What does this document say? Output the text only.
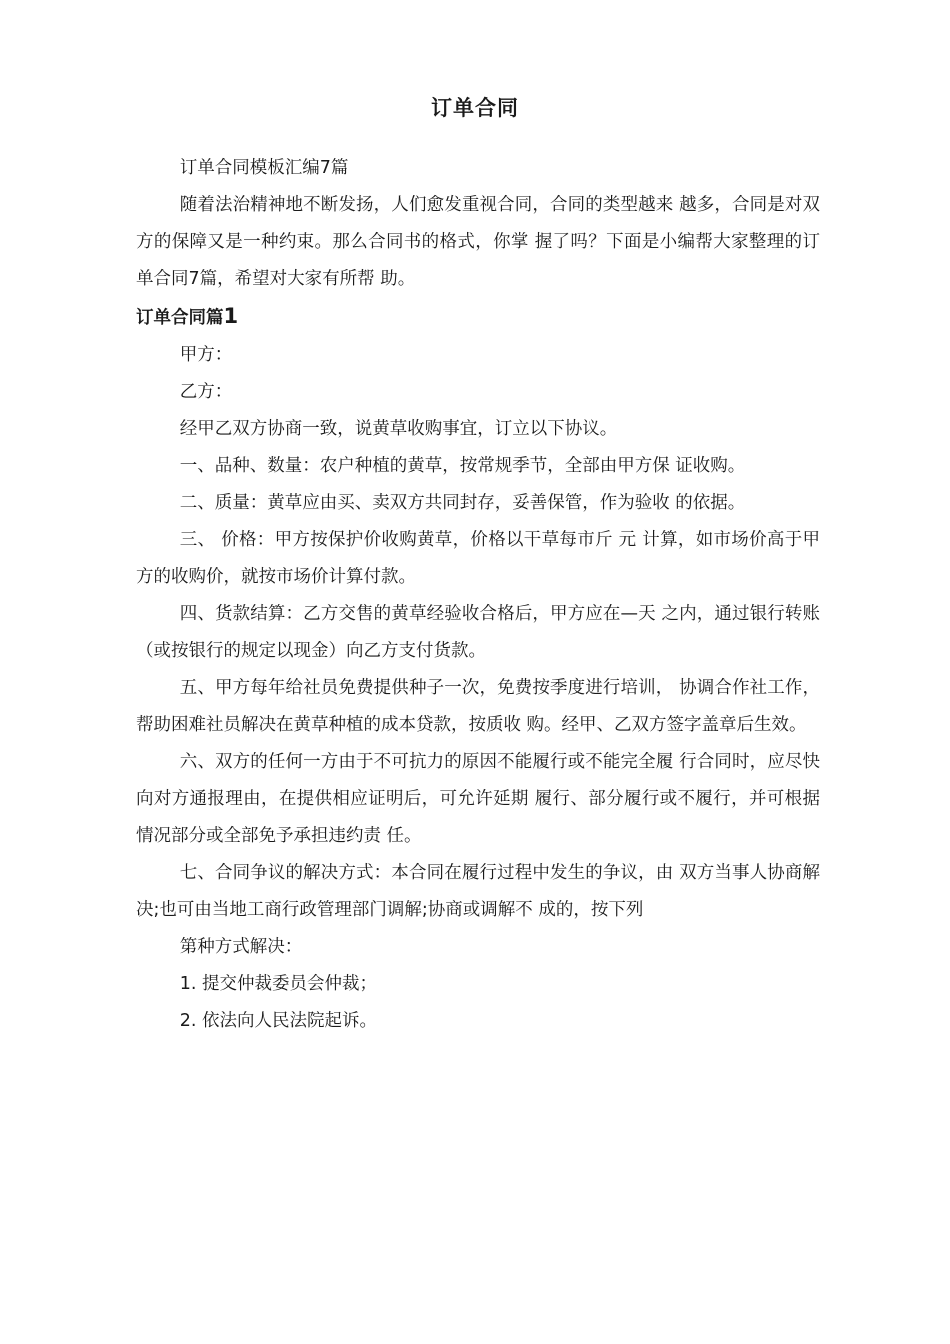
订单合同

订单合同模板汇编7篇

随着法治精神地不断发扬，人们愈发重视合同，合同的类型越来 越多，合同是对双方的保障又是一种约束。那么合同书的格式，你掌 握了吗？下面是小编帮大家整理的订单合同7篇，希望对大家有所帮 助。

订单合同篇1

甲方：

乙方：

经甲乙双方协商一致，说黄草收购事宜，订立以下协议。

一、品种、数量：农户种植的黄草，按常规季节，全部由甲方保 证收购。

二、质量：黄草应由买、卖双方共同封存，妥善保管，作为验收 的依据。

三、 价格：甲方按保护价收购黄草，价格以干草每市斤 元 计算，如市场价高于甲方的收购价，就按市场价计算付款。

四、货款结算：乙方交售的黄草经验收合格后，甲方应在—天 之内，通过银行转账（或按银行的规定以现金）向乙方支付货款。

五、甲方每年给社员免费提供种子一次，免费按季度进行培训， 协调合作社工作，帮助困难社员解决在黄草种植的成本贷款，按质收 购。经甲、乙双方签字盖章后生效。

六、双方的任何一方由于不可抗力的原因不能履行或不能完全履 行合同时，应尽快向对方通报理由，在提供相应证明后，可允许延期 履行、部分履行或不履行，并可根据情况部分或全部免予承担违约责 任。

七、合同争议的解决方式：本合同在履行过程中发生的争议，由 双方当事人协商解决;也可由当地工商行政管理部门调解;协商或调解不 成的，按下列

第种方式解决：

1. 提交仲裁委员会仲裁；

2. 依法向人民法院起诉。
